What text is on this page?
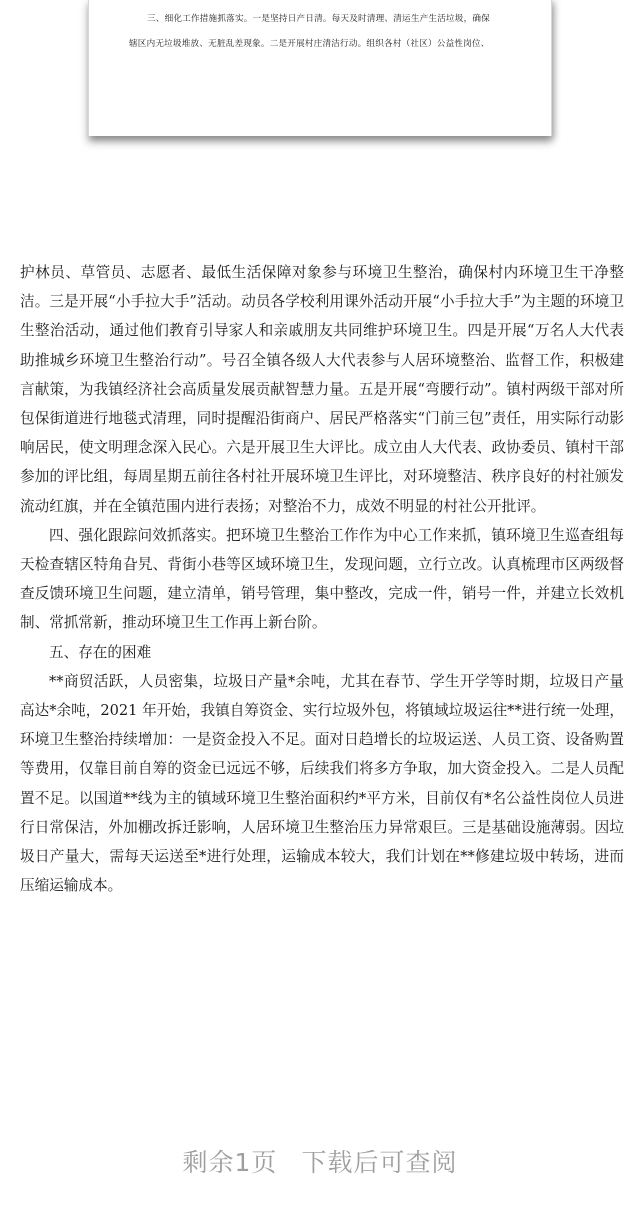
三、细化工作措施抓落实。一是坚持日产日清。每天及时清理、清运生产生活垃圾，确保

辖区内无垃圾堆放、无脏乱差现象。二是开展村庄清洁行动。组织各村（社区）公益性岗位、

护林员、草管员、志愿者、最低生活保障对象参与环境卫生整治，确保村内环境卫生干净整洁。三是开展“小手拉大手”活动。动员各学校利用课外活动开展“小手拉大手”为主题的环境卫生整治活动，通过他们教育引导家人和亲戚朋友共同维护环境卫生。四是开展“万名人大代表助推城乡环境卫生整治行动”。号召全镇各级人大代表参与人居环境整治、监督工作，积极建言献策，为我镇经济社会高质量发展贡献智慧力量。五是开展“弯腰行动”。镇村两级干部对所包保街道进行地毯式清理，同时提醒沿街商户、居民严格落实“门前三包”责任，用实际行动影响居民，使文明理念深入民心。六是开展卫生大评比。成立由人大代表、政协委员、镇村干部参加的评比组，每周星期五前往各村社开展环境卫生评比，对环境整洁、秩序良好的村社颁发流动红旗，并在全镇范围内进行表扬；对整治不力，成效不明显的村社公开批评。

四、强化跟踪问效抓落实。把环境卫生整治工作作为中心工作来抓，镇环境卫生巡查组每天检查辖区特角旮旯、背街小巷等区域环境卫生，发现问题，立行立改。认真梳理市区两级督查反馈环境卫生问题，建立清单，销号管理，集中整改，完成一件，销号一件，并建立长效机制、常抓常新，推动环境卫生工作再上新台阶。

五、存在的困难

**商贸活跃，人员密集，垃圾日产量*余吨，尤其在春节、学生开学等时期，垃圾日产量高达*余吨，2021 年开始，我镇自筹资金、实行垃圾外包，将镇域垃圾运往**进行统一处理，环境卫生整治持续增加：一是资金投入不足。面对日趋增长的垃圾运送、人员工资、设备购置等费用，仅靠目前自筹的资金已远远不够，后续我们将多方争取，加大资金投入。二是人员配置不足。以国道**线为主的镇域环境卫生整治面积约*平方米，目前仅有*名公益性岗位人员进行日常保洁，外加棚改拆迁影响，人居环境卫生整治压力异常艰巨。三是基础设施薄弱。因垃圾日产量大，需每天运送至*进行处理，运输成本较大，我们计划在**修建垃圾中转场，进而压缩运输成本。

剩余1页 下载后可查阅
